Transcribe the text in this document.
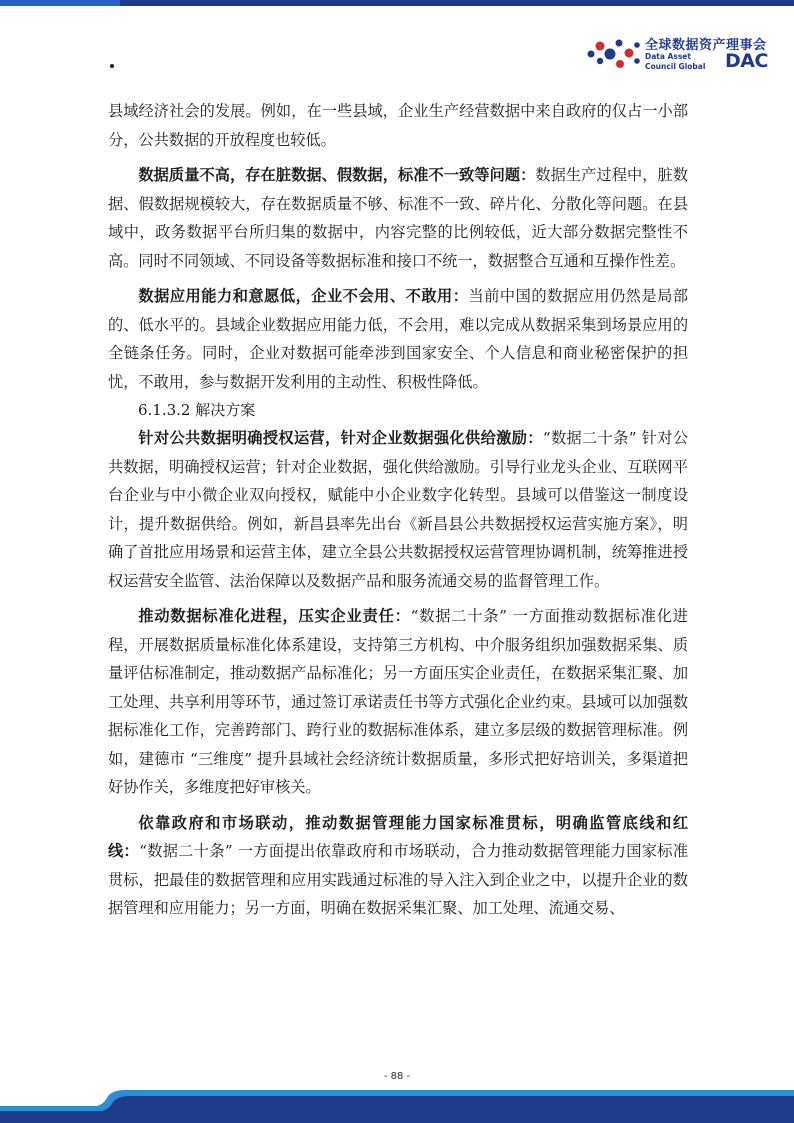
全球数据资产理事会
Data Asset
Council Global DAC

县域经济社会的发展。例如，在一些县域，企业生产经营数据中来自政府的仅占一小部分，公共数据的开放程度也较低。

数据质量不高，存在脏数据、假数据，标准不一致等问题：数据生产过程中，脏数据、假数据规模较大，存在数据质量不够、标准不一致、碎片化、分散化等问题。在县域中，政务数据平台所归集的数据中，内容完整的比例较低，近大部分数据完整性不高。同时不同领域、不同设备等数据标准和接口不统一，数据整合互通和互操作性差。

数据应用能力和意愿低，企业不会用、不敢用：当前中国的数据应用仍然是局部的、低水平的。县域企业数据应用能力低，不会用，难以完成从数据采集到场景应用的全链条任务。同时，企业对数据可能牵涉到国家安全、个人信息和商业秘密保护的担忧，不敢用，参与数据开发利用的主动性、积极性降低。

6.1.3.2 解决方案

针对公共数据明确授权运营，针对企业数据强化供给激励：“数据二十条” 针对公共数据，明确授权运营；针对企业数据，强化供给激励。引导行业龙头企业、互联网平台企业与中小微企业双向授权，赋能中小企业数字化转型。县域可以借鉴这一制度设计，提升数据供给。例如，新昌县率先出台《新昌县公共数据授权运营实施方案》，明确了首批应用场景和运营主体，建立全县公共数据授权运营管理协调机制，统筹推进授权运营安全监管、法治保障以及数据产品和服务流通交易的监督管理工作。

推动数据标准化进程，压实企业责任：“数据二十条” 一方面推动数据标准化进程，开展数据质量标准化体系建设，支持第三方机构、中介服务组织加强数据采集、质量评估标准制定，推动数据产品标准化；另一方面压实企业责任，在数据采集汇聚、加工处理、共享利用等环节，通过签订承诺责任书等方式强化企业约束。县域可以加强数据标准化工作，完善跨部门、跨行业的数据标准体系，建立多层级的数据管理标准。例如，建德市 “三维度” 提升县域社会经济统计数据质量，多形式把好培训关，多渠道把好协作关，多维度把好审核关。

依靠政府和市场联动，推动数据管理能力国家标准贯标，明确监管底线和红线：“数据二十条” 一方面提出依靠政府和市场联动，合力推动数据管理能力国家标准贯标，把最佳的数据管理和应用实践通过标准的导入注入到企业之中，以提升企业的数据管理和应用能力；另一方面，明确在数据采集汇聚、加工处理、流通交易、

- 88 -
